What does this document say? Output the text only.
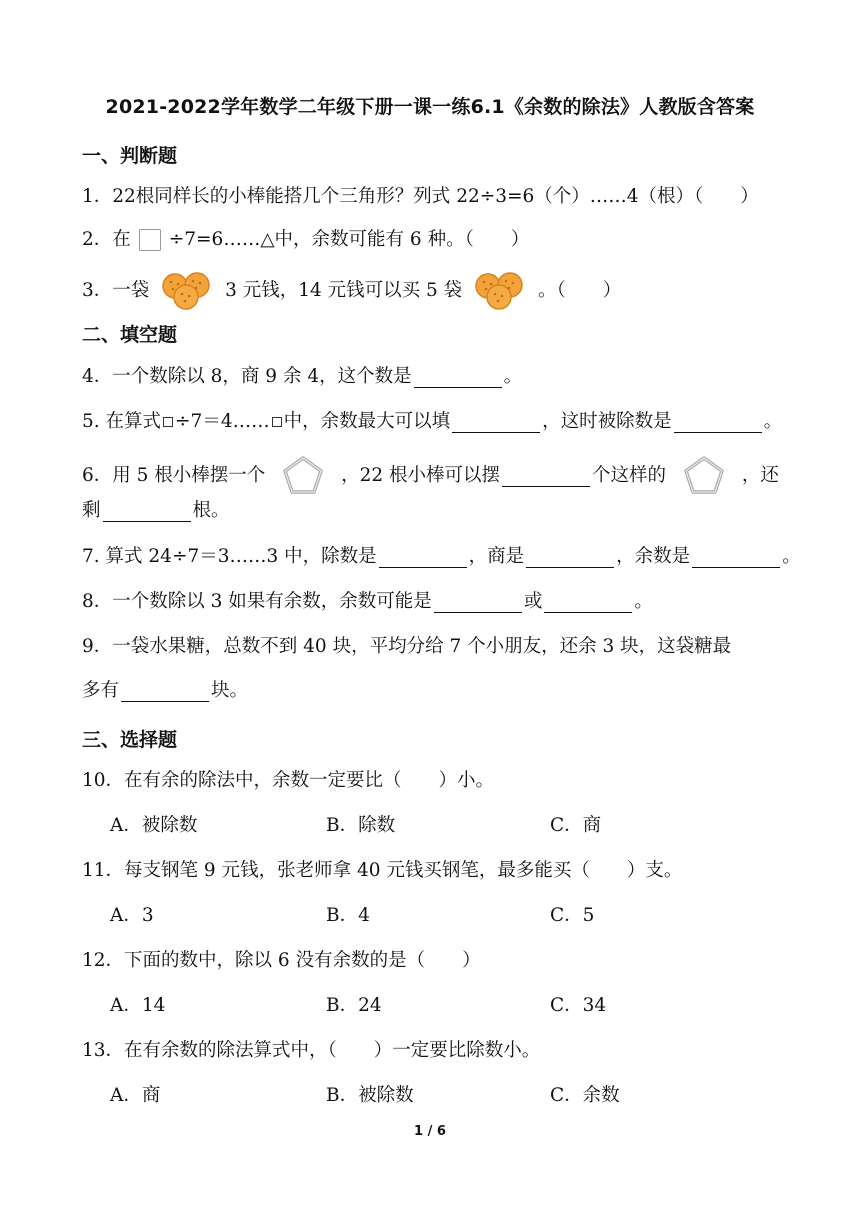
2021-2022学年数学二年级下册一课一练6.1《余数的除法》人教版含答案
一、判断题
1．22根同样长的小棒能搭几个三角形？列式 22÷3=6（个）……4（根）（　　）
2．在 ÷7=6……△中，余数可能有 6 种。（　　）
3．一袋	3 元钱，14 元钱可以买 5 袋	。（　　）
二、填空题
4．一个数除以 8，商 9 余 4，这个数是	。
5. 在算式 ÷7＝4…… 中，余数最大可以填	，这时被除数是	。
6．用 5 根小棒摆一个	，22 根小棒可以摆	个这样的	，还
剩	根。
7. 算式 24÷7＝3……3 中，除数是	，商是	，余数是	。
8．一个数除以 3 如果有余数，余数可能是	或	。
9．一袋水果糖，总数不到 40 块，平均分给 7 个小朋友，还余 3 块，这袋糖最
多有	块。
三、选择题
10．在有余的除法中，余数一定要比（　　）小。
A．被除数	B．除数	C．商
11．每支钢笔 9 元钱，张老师拿 40 元钱买钢笔，最多能买（　　）支。
A．3	B．4	C．5
12．下面的数中，除以 6 没有余数的是（　　）
A．14	B．24	C．34
13．在有余数的除法算式中，（　　）一定要比除数小。
A．商	B．被除数	C．余数
1 / 6
